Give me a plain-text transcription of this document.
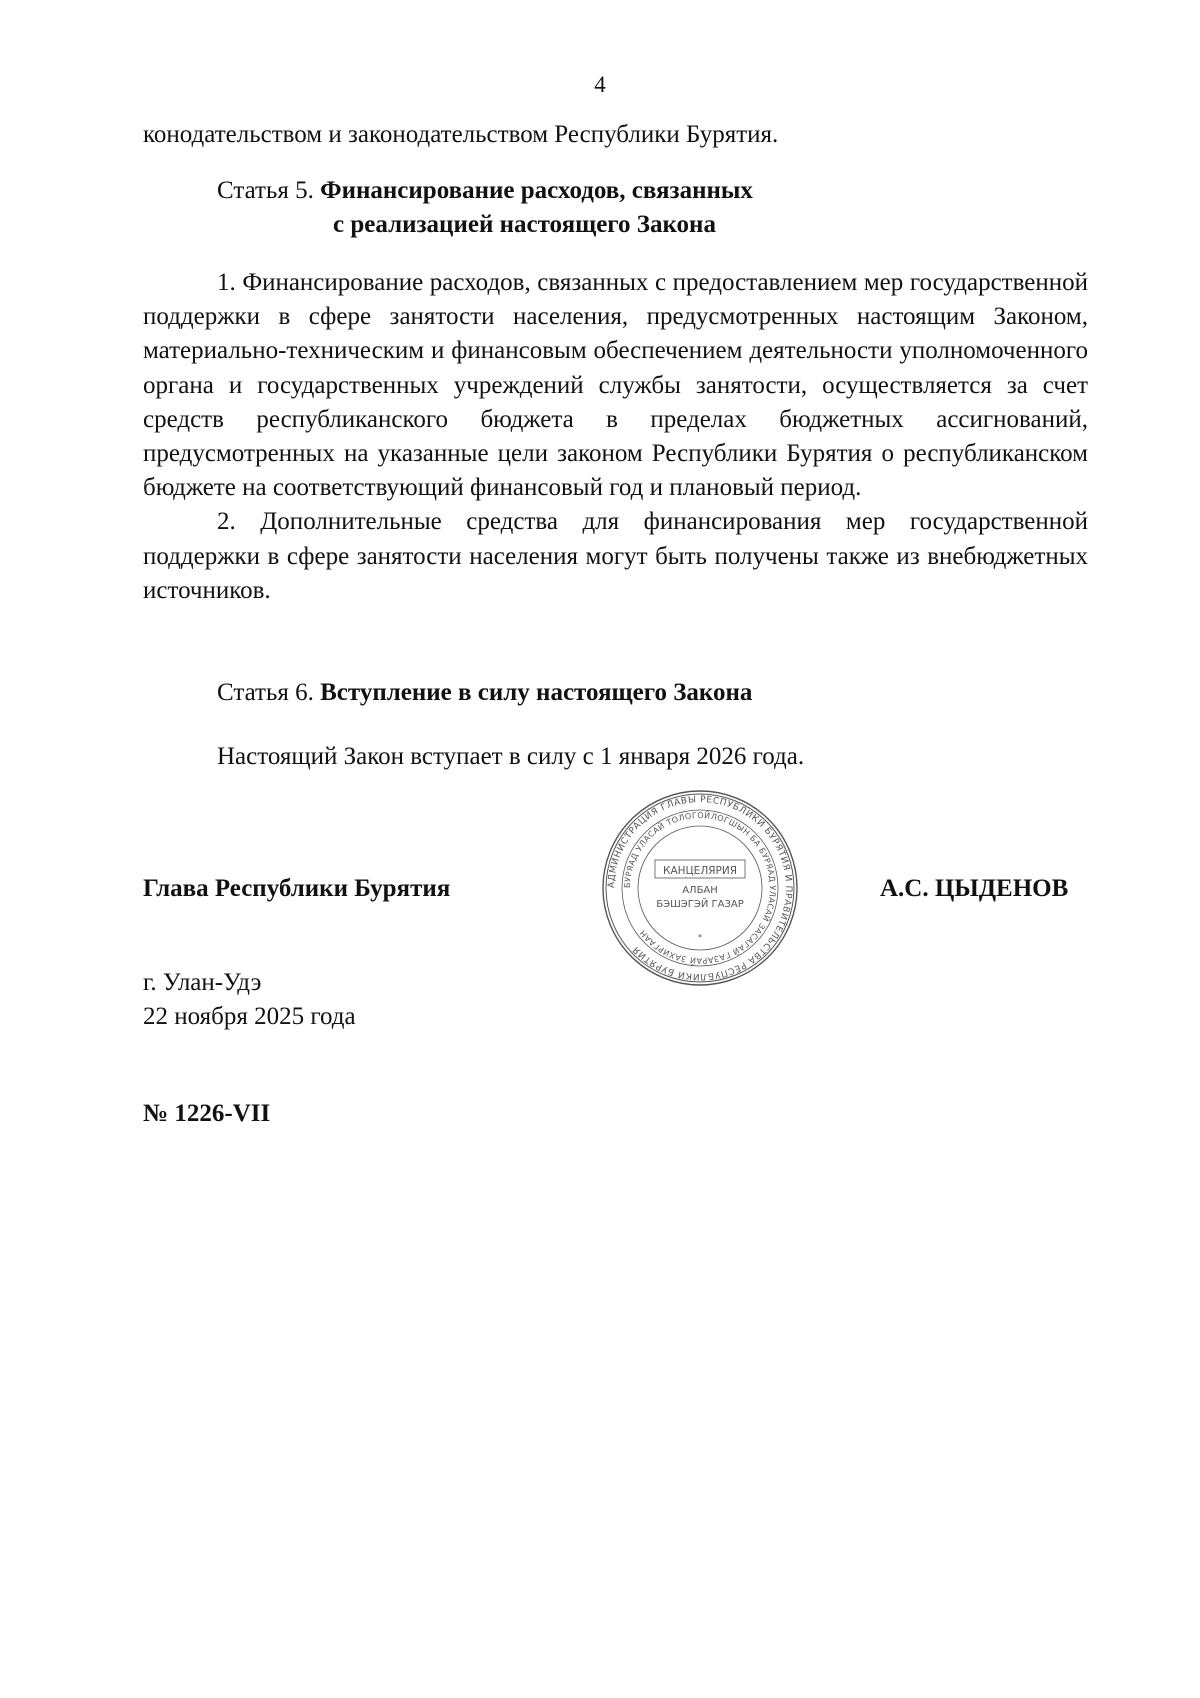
4
конодательством и законодательством Республики Бурятия.
Статья 5. Финансирование расходов, связанных
с реализацией настоящего Закона

1. Финансирование расходов, связанных с предоставлением мер государственной поддержки в сфере занятости населения, предусмотренных настоящим Законом, материально-техническим и финансовым обеспечением деятельности уполномоченного органа и государственных учреждений службы занятости, осуществляется за счет средств республиканского бюджета в пределах бюджетных ассигнований, предусмотренных на указанные цели законом Республики Бурятия о республиканском бюджете на соответствующий финансовый год и плановый период.

2. Дополнительные средства для финансирования мер государственной поддержки в сфере занятости населения могут быть получены также из внебюджетных источников.

Статья 6. Вступление в силу настоящего Закона
Настоящий Закон вступает в силу с 1 января 2026 года.
Глава Республики Бурятия	А.С. ЦЫДЕНОВ
АДМИНИСТРАЦИЯ ГЛАВЫ РЕСПУБЛИКИ БУРЯТИЯ И ПРАВИТЕЛЬСТВА РЕСПУБЛИКИ БУРЯТИЯ
БУРЯАД УЛАСАЙ ТОЛОГОЙЛОГШЫН БА БУРЯАД УЛАСАЙ ЗАСАГАЙ ГАЗАРАЙ ЗАХИРГААН
КАНЦЕЛЯРИЯ
АЛБАН
БЭШЭГЭЙ ГАЗАР
*
г. Улан-Удэ
22 ноября 2025 года
№ 1226-VII
